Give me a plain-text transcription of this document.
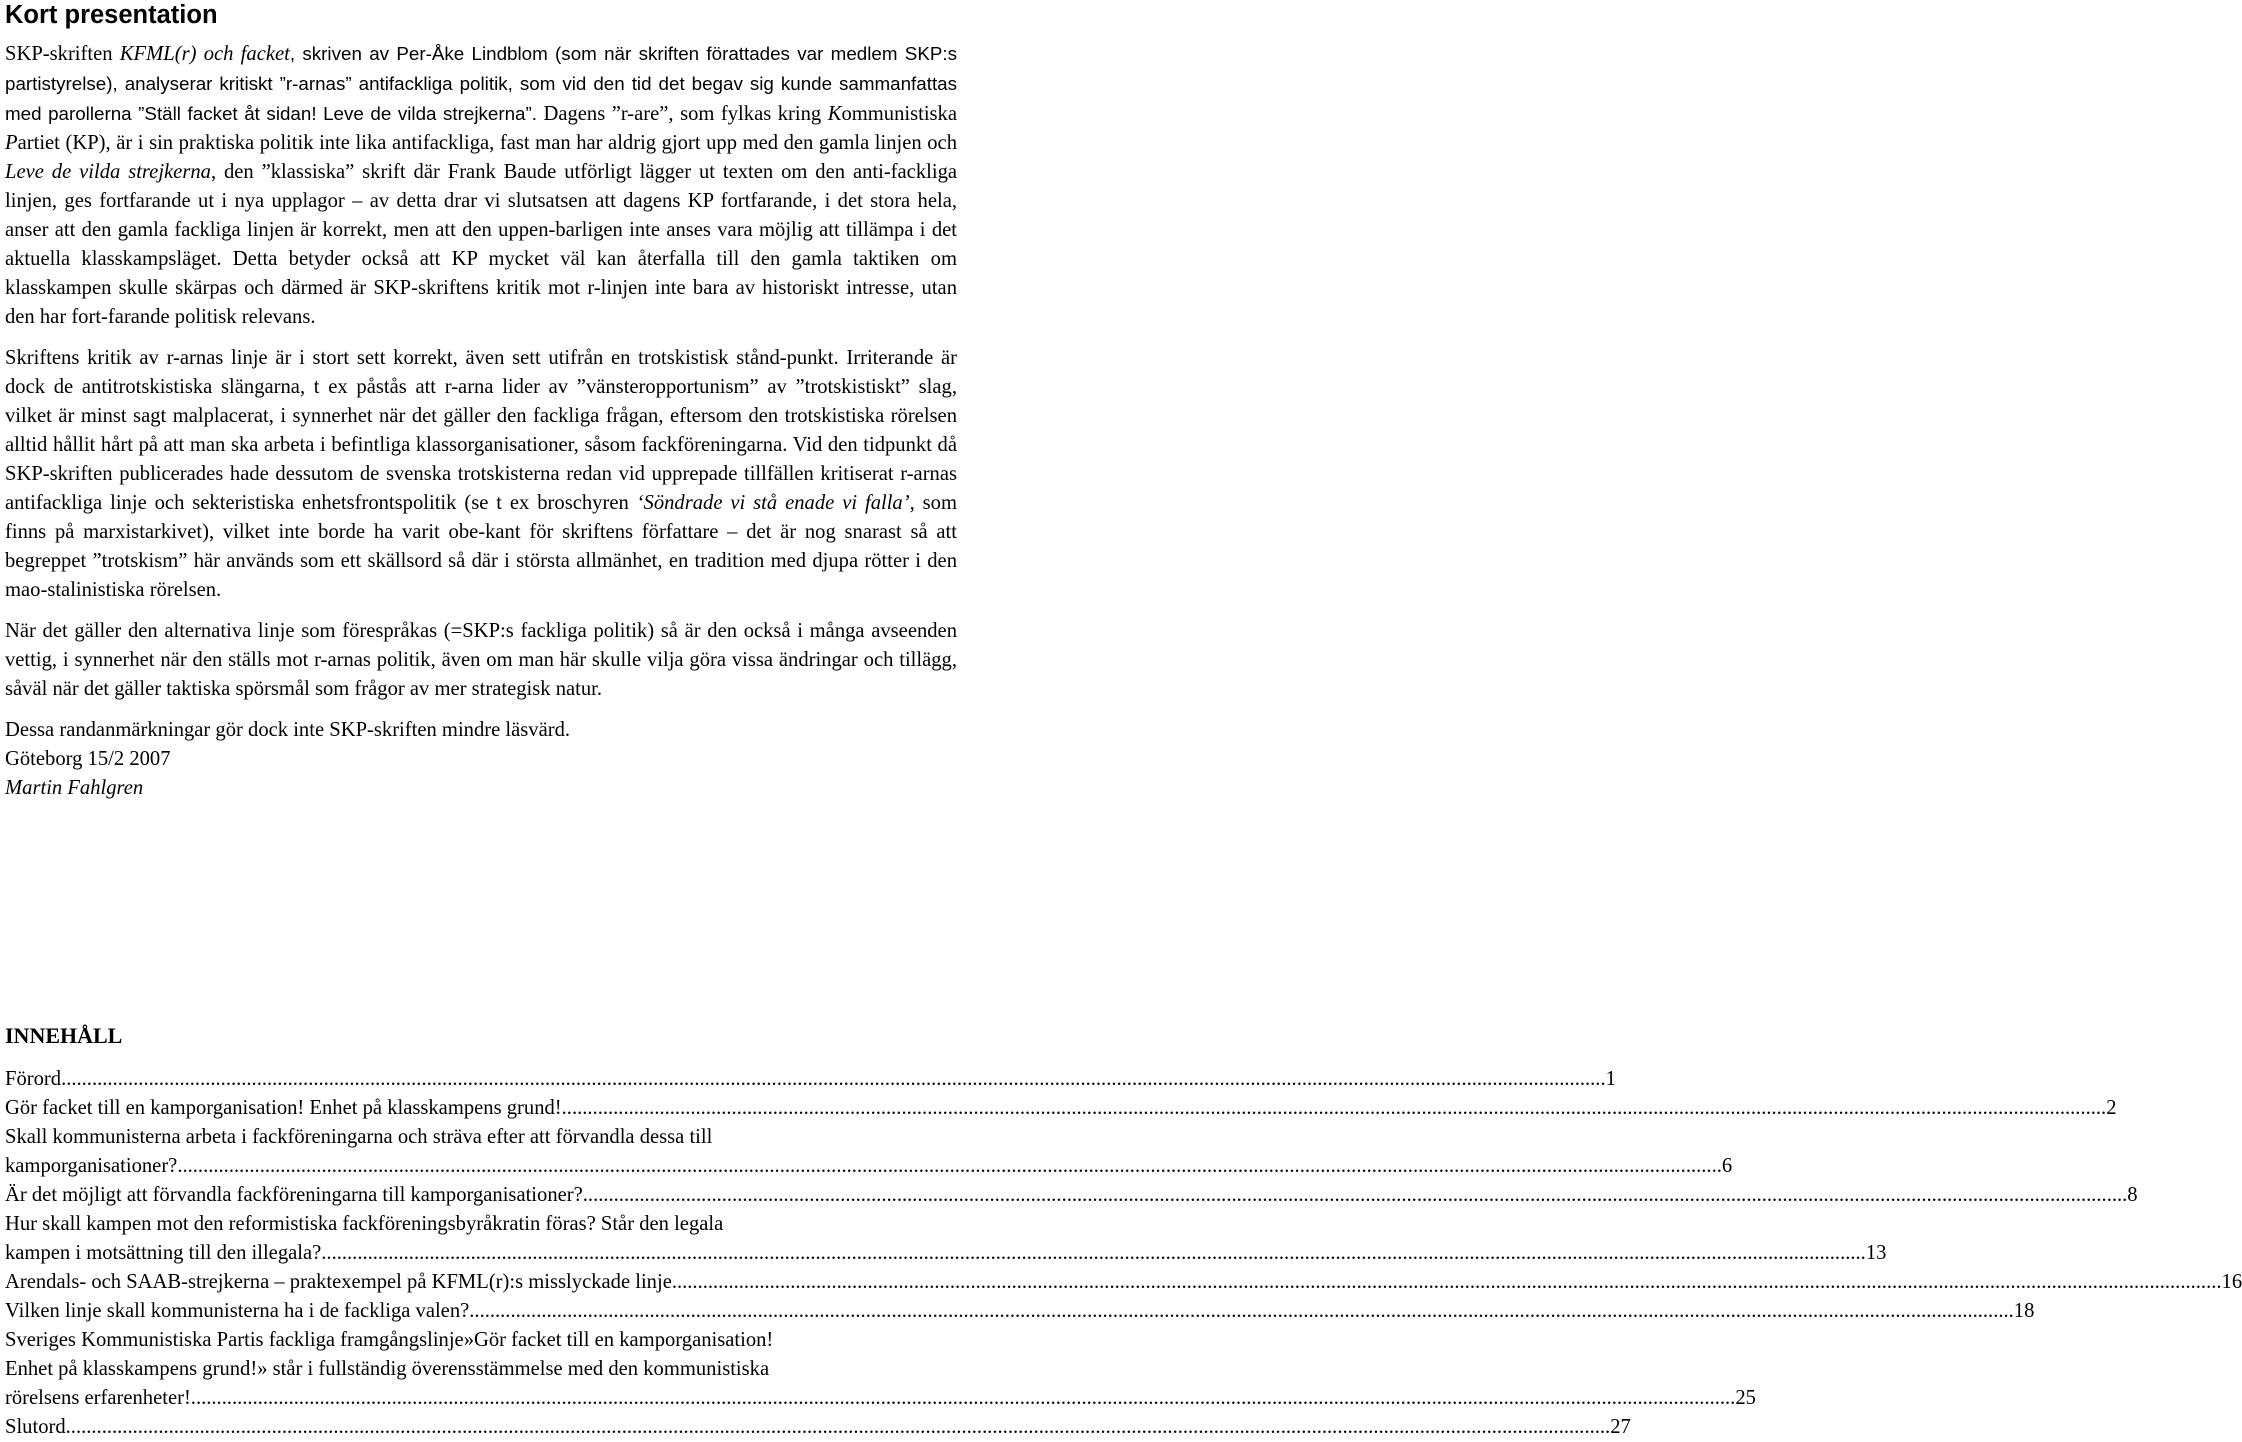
Kort presentation

SKP-skriften KFML(r) och facket, skriven av Per-Åke Lindblom (som när skriften förattades var medlem SKP:s partistyrelse), analyserar kritiskt ”r-arnas” antifackliga politik, som vid den tid det begav sig kunde sammanfattas med parollerna ”Ställ facket åt sidan! Leve de vilda strejkerna”. Dagens ”r-are”, som fylkas kring Kommunistiska Partiet (KP), är i sin praktiska politik inte lika antifackliga, fast man har aldrig gjort upp med den gamla linjen och Leve de vilda strejkerna, den ”klassiska” skrift där Frank Baude utförligt lägger ut texten om den anti-fackliga linjen, ges fortfarande ut i nya upplagor – av detta drar vi slutsatsen att dagens KP fortfarande, i det stora hela, anser att den gamla fackliga linjen är korrekt, men att den uppen-barligen inte anses vara möjlig att tillämpa i det aktuella klasskampsläget. Detta betyder också att KP mycket väl kan återfalla till den gamla taktiken om klasskampen skulle skärpas och därmed är SKP-skriftens kritik mot r-linjen inte bara av historiskt intresse, utan den har fort-farande politisk relevans.

Skriftens kritik av r-arnas linje är i stort sett korrekt, även sett utifrån en trotskistisk stånd-punkt. Irriterande är dock de antitrotskistiska slängarna, t ex påstås att r-arna lider av ”vänsteropportunism” av ”trotskistiskt” slag, vilket är minst sagt malplacerat, i synnerhet när det gäller den fackliga frågan, eftersom den trotskistiska rörelsen alltid hållit hårt på att man ska arbeta i befintliga klassorganisationer, såsom fackföreningarna. Vid den tidpunkt då SKP-skriften publicerades hade dessutom de svenska trotskisterna redan vid upprepade tillfällen kritiserat r-arnas antifackliga linje och sekteristiska enhetsfrontspolitik (se t ex broschyren ‘Söndrade vi stå enade vi falla’, som finns på marxistarkivet), vilket inte borde ha varit obe-kant för skriftens författare – det är nog snarast så att begreppet ”trotskism” här används som ett skällsord så där i största allmänhet, en tradition med djupa rötter i den mao-stalinistiska rörelsen.

När det gäller den alternativa linje som förespråkas (=SKP:s fackliga politik) så är den också i många avseenden vettig, i synnerhet när den ställs mot r-arnas politik, även om man här skulle vilja göra vissa ändringar och tillägg, såväl när det gäller taktiska spörsmål som frågor av mer strategisk natur.

Dessa randanmärkningar gör dock inte SKP-skriften mindre läsvärd.

Göteborg 15/2 2007

Martin Fahlgren

INNEHÅLL
Förord ............................................................................................................................................................................................................................................................................................................ 1
Gör facket till en kamporganisation! Enhet på klasskampens grund! ............................................................................................................................................................................................................................................................................................................ 2
Skall kommunisterna arbeta i fackföreningarna och sträva efter att förvandla dessa till
kamporganisationer? ............................................................................................................................................................................................................................................................................................................ 6
Är det möjligt att förvandla fackföreningarna till kamporganisationer? ............................................................................................................................................................................................................................................................................................................ 8
Hur skall kampen mot den reformistiska fackföreningsbyråkratin föras? Står den legala
kampen i motsättning till den illegala? ............................................................................................................................................................................................................................................................................................................ 13
Arendals- och SAAB-strejkerna – praktexempel på KFML(r):s misslyckade linje. ............................................................................................................................................................................................................................................................................................................ 16
Vilken linje skall kommunisterna ha i de fackliga valen? ............................................................................................................................................................................................................................................................................................................ 18
Sveriges Kommunistiska Partis fackliga framgångslinje»Gör facket till en kamporganisation!
Enhet på klasskampens grund!» står i fullständig överensstämmelse med den kommunistiska
rörelsens erfarenheter! ............................................................................................................................................................................................................................................................................................................ 25
Slutord ............................................................................................................................................................................................................................................................................................................ 27
